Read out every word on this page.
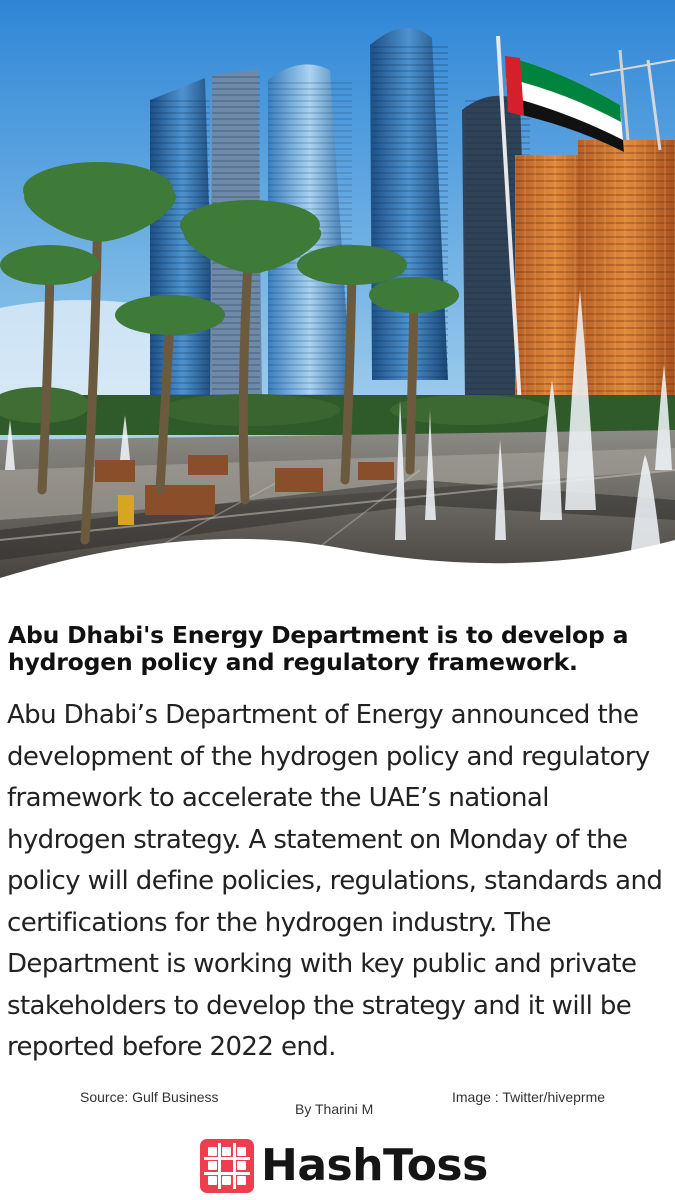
Abu Dhabi's Energy Department is to develop a hydrogen policy and regulatory framework.

Abu Dhabi’s Department of Energy announced the development of the hydrogen policy and regulatory framework to accelerate the UAE’s national hydrogen strategy. A statement on Monday of the policy will define policies, regulations, standards and certifications for the hydrogen industry. The Department is working with key public and private stakeholders to develop the strategy and it will be reported before 2022 end.

Source: Gulf Business
By Tharini M
Image : Twitter/hiveprme
HashToss
